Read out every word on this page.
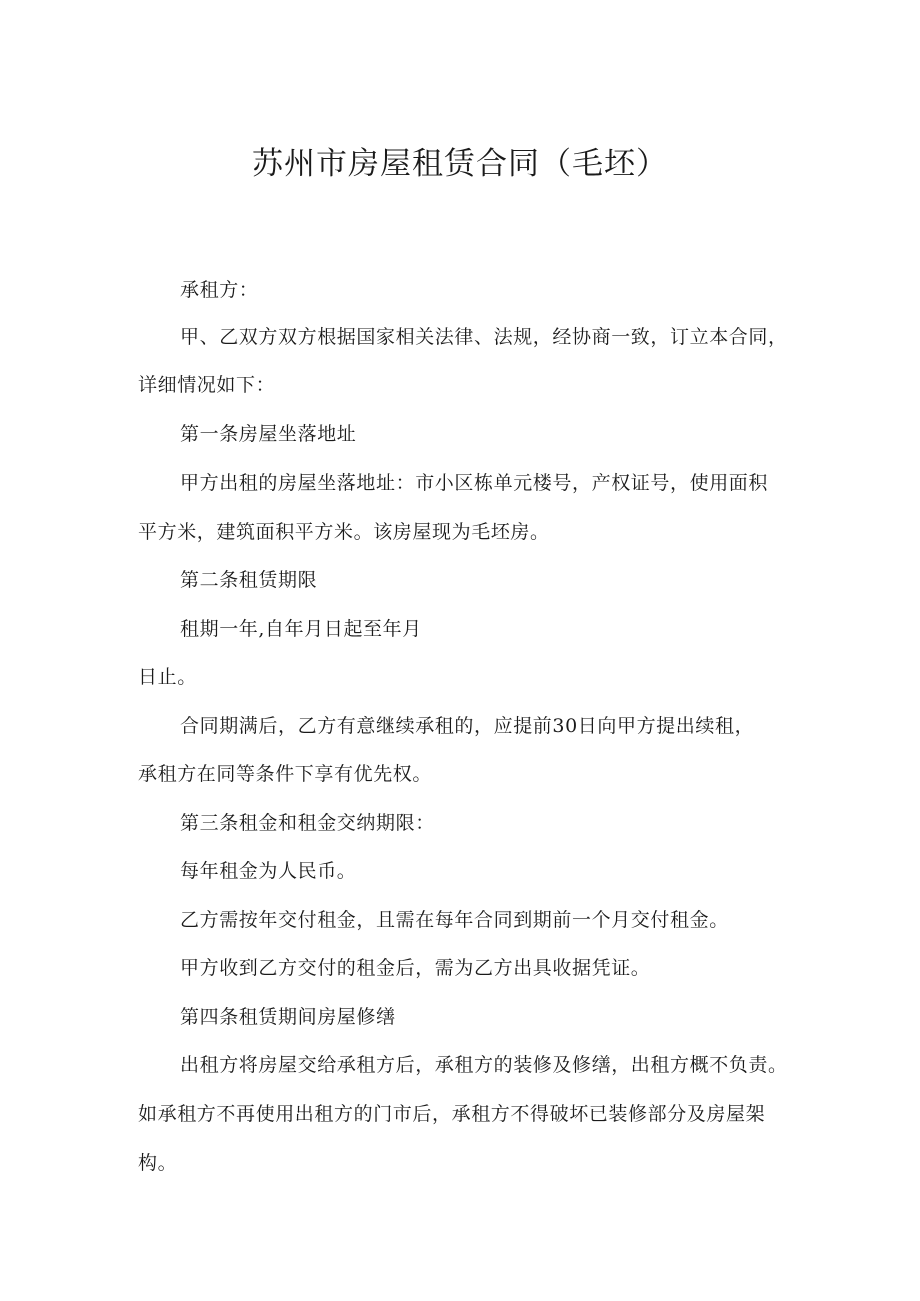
苏州市房屋租赁合同（毛坯）
承租方：
甲、乙双方双方根据国家相关法律、法规，经协商一致，订立本合同，
详细情况如下：
第一条房屋坐落地址
甲方出租的房屋坐落地址：市小区栋单元楼号，产权证号，使用面积
平方米，建筑面积平方米。该房屋现为毛坯房。
第二条租赁期限
租期一年,自年月日起至年月
日止。
合同期满后，乙方有意继续承租的，应提前30日向甲方提出续租，
承租方在同等条件下享有优先权。
第三条租金和租金交纳期限：
每年租金为人民币。
乙方需按年交付租金，且需在每年合同到期前一个月交付租金。
甲方收到乙方交付的租金后，需为乙方出具收据凭证。
第四条租赁期间房屋修缮
出租方将房屋交给承租方后，承租方的装修及修缮，出租方概不负责。
如承租方不再使用出租方的门市后，承租方不得破坏已装修部分及房屋架
构。
